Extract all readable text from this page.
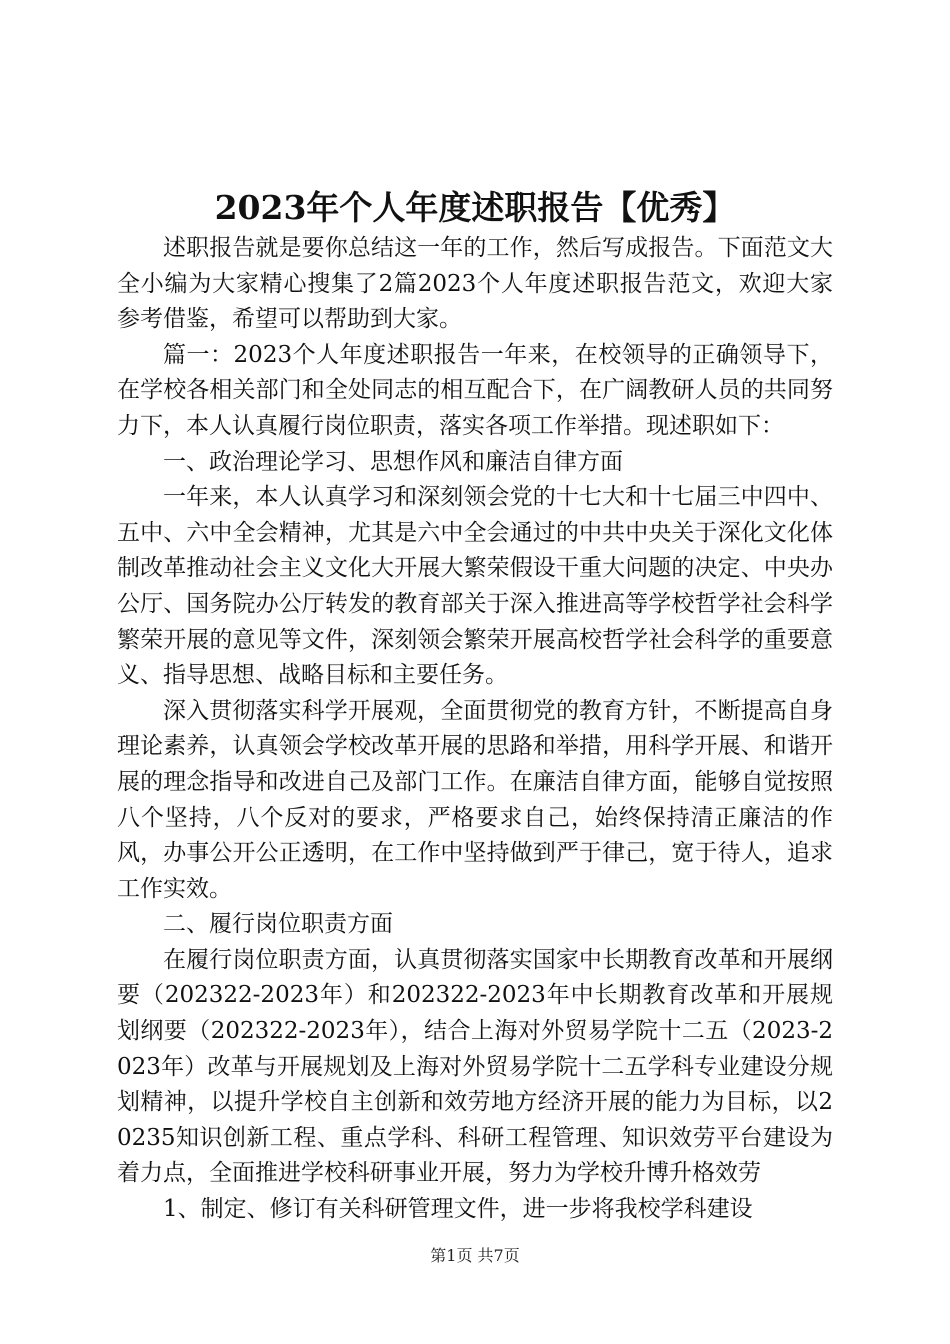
2023年个人年度述职报告【优秀】

述职报告就是要你总结这一年的工作，然后写成报告。下面范文大全小编为大家精心搜集了2篇2023个人年度述职报告范文，欢迎大家参考借鉴，希望可以帮助到大家。

篇一：2023个人年度述职报告一年来，在校领导的正确领导下，在学校各相关部门和全处同志的相互配合下，在广阔教研人员的共同努力下，本人认真履行岗位职责，落实各项工作举措。现述职如下：

一、政治理论学习、思想作风和廉洁自律方面

一年来，本人认真学习和深刻领会党的十七大和十七届三中四中、五中、六中全会精神，尤其是六中全会通过的中共中央关于深化文化体制改革推动社会主义文化大开展大繁荣假设干重大问题的决定、中央办公厅、国务院办公厅转发的教育部关于深入推进高等学校哲学社会科学繁荣开展的意见等文件，深刻领会繁荣开展高校哲学社会科学的重要意义、指导思想、战略目标和主要任务。

深入贯彻落实科学开展观，全面贯彻党的教育方针，不断提高自身理论素养，认真领会学校改革开展的思路和举措，用科学开展、和谐开展的理念指导和改进自己及部门工作。在廉洁自律方面，能够自觉按照八个坚持，八个反对的要求，严格要求自己，始终保持清正廉洁的作风，办事公开公正透明，在工作中坚持做到严于律己，宽于待人，追求工作实效。

二、履行岗位职责方面

在履行岗位职责方面，认真贯彻落实国家中长期教育改革和开展纲要（202322-2023年）和202322-2023年中长期教育改革和开展规划纲要（202322-2023年），结合上海对外贸易学院十二五（2023-2023年）改革与开展规划及上海对外贸易学院十二五学科专业建设分规划精神，以提升学校自主创新和效劳地方经济开展的能力为目标，以20235知识创新工程、重点学科、科研工程管理、知识效劳平台建设为着力点，全面推进学校科研事业开展，努力为学校升博升格效劳

1、制定、修订有关科研管理文件，进一步将我校学科建设

第1页 共7页
